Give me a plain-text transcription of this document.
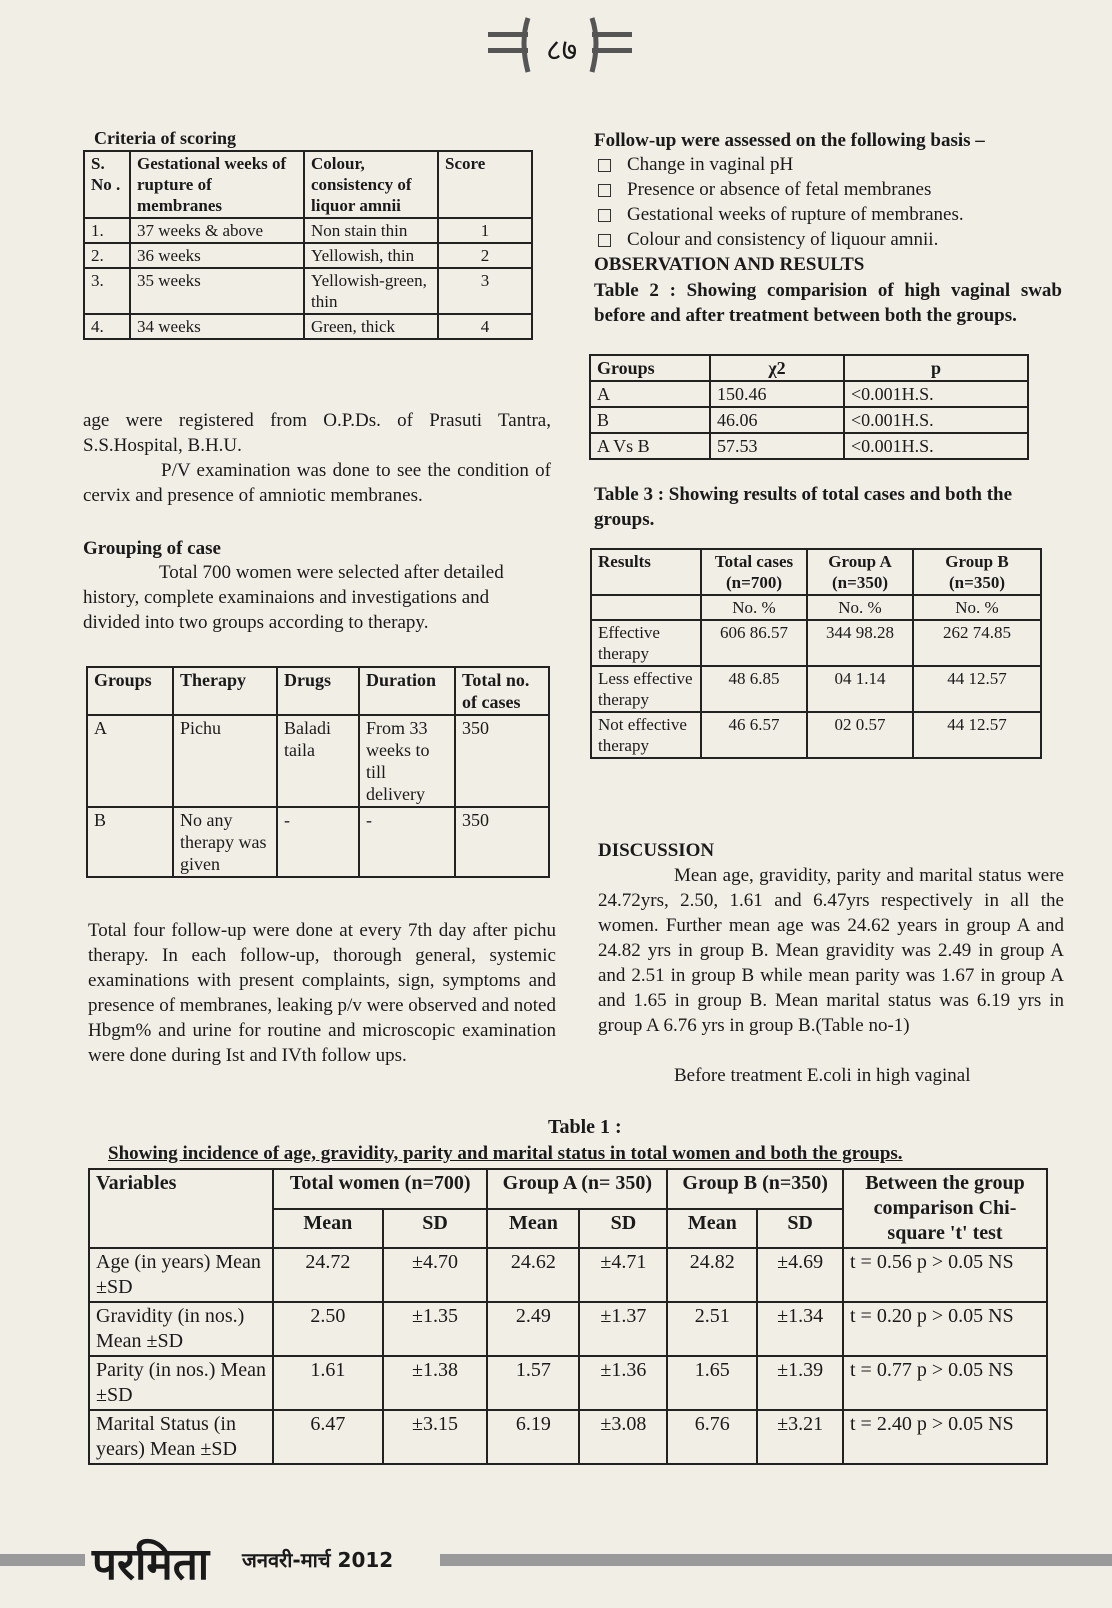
८७
Criteria of scoring
S. No .	Gestational weeks of rupture of membranes	Colour, consistency of liquor amnii	Score
1.	37 weeks & above	Non stain thin	1
2.	36 weeks	Yellowish, thin	2
3.	35 weeks	Yellowish-green, thin	3
4.	34 weeks	Green, thick	4
age were registered from O.P.Ds. of Prasuti Tantra, S.S.Hospital, B.H.U.
P/V examination was done to see the condition of cervix and presence of amniotic membranes.
Grouping of case
Total 700 women were selected after detailed history, complete examinaions and investigations and divided into two groups according to therapy.
Groups	Therapy	Drugs	Duration	Total no. of cases
A	Pichu	Baladi taila	From 33 weeks to till delivery	350
B	No any therapy was given	-	-	350
Total four follow-up were done at every 7th day after pichu therapy. In each follow-up, thorough general, systemic examinations with present complaints, sign, symptoms and presence of membranes, leaking p/v were observed and noted Hbgm% and urine for routine and microscopic examination were done during Ist and IVth follow ups.
Follow-up were assessed on the following basis –
Change in vaginal pH
Presence or absence of fetal membranes
Gestational weeks of rupture of membranes.
Colour and consistency of liquour amnii.
OBSERVATION AND RESULTS
Table 2 : Showing comparision of high vaginal swab before and after treatment between both the groups.
Groups	χ2	p
A	150.46	<0.001H.S.
B	46.06	<0.001H.S.
A Vs B	57.53	<0.001H.S.
Table 3 : Showing results of total cases and both the groups.
Results	Total cases (n=700)	Group A (n=350)	Group B (n=350)
	No. %	No. %	No. %
Effective therapy	606 86.57	344 98.28	262 74.85
Less effective therapy	48 6.85	04 1.14	44 12.57
Not effective therapy	46 6.57	02 0.57	44 12.57
DISCUSSION
Mean age, gravidity, parity and marital status were 24.72yrs, 2.50, 1.61 and 6.47yrs respectively in all the women. Further mean age was 24.62 years in group A and 24.82 yrs in group B. Mean gravidity was 2.49 in group A and 2.51 in group B while mean parity was 1.67 in group A and 1.65 in group B. Mean marital status was 6.19 yrs in group A 6.76 yrs in group B.(Table no-1)
Before treatment E.coli in high vaginal
Table 1 :
Showing incidence of age, gravidity, parity and marital status in total women and both the groups.
Variables	Total women (n=700)		Group A (n= 350)		Group B (n=350)		Between the group comparison Chi-square 't' test
	Mean	SD	Mean	SD	Mean	SD	
Age (in years) Mean ±SD	24.72	±4.70	24.62	±4.71	24.82	±4.69	t = 0.56 p > 0.05 NS
Gravidity (in nos.) Mean ±SD	2.50	±1.35	2.49	±1.37	2.51	±1.34	t = 0.20 p > 0.05 NS
Parity (in nos.) Mean ±SD	1.61	±1.38	1.57	±1.36	1.65	±1.39	t = 0.77 p > 0.05 NS
Marital Status (in years) Mean ±SD	6.47	±3.15	6.19	±3.08	6.76	±3.21	t = 2.40 p > 0.05 NS
परमिता जनवरी-मार्च 2012
